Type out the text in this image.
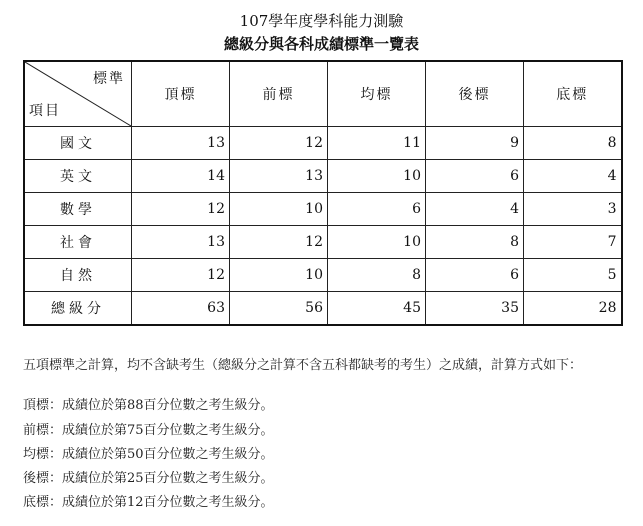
107學年度學科能力測驗
總級分與各科成績標準一覽表
標準
項目	頂標	前標	均標	後標	底標
國文	13	12	11	9	8
英文	14	13	10	6	4
數學	12	10	6	4	3
社會	13	12	10	8	7
自然	12	10	8	6	5
總級分	63	56	45	35	28
五項標準之計算，均不含缺考生（總級分之計算不含五科都缺考的考生）之成績，計算方式如下：
頂標：成績位於第88百分位數之考生級分。
前標：成績位於第75百分位數之考生級分。
均標：成績位於第50百分位數之考生級分。
後標：成績位於第25百分位數之考生級分。
底標：成績位於第12百分位數之考生級分。
